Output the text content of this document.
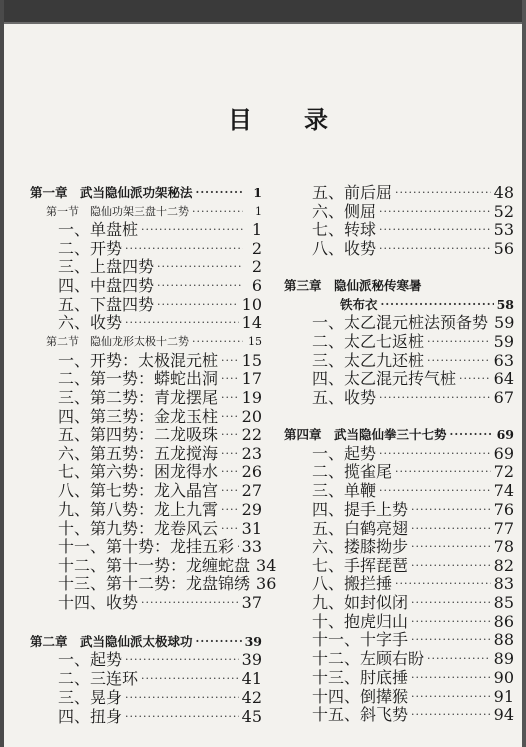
目 录
第一章　武当隐仙派功架秘法 ·····	1
第一节　隐仙功架三盘十二势 ·····	1
一、单盘桩 ·····	1
二、开势 ·····	2
三、上盘四势 ·····	2
四、中盘四势 ·····	6
五、下盘四势 ·····	10
六、收势 ·····	14
第二节　隐仙龙形太极十二势 ·····	15
一、开势：太极混元桩 ····· 15
二、第一势：蟒蛇出洞 ····· 17
三、第二势：青龙摆尾 ····· 19
四、第三势：金龙玉柱 ····· 20
五、第四势：二龙吸珠 ····· 22
六、第五势：五龙搅海 ····· 23
七、第六势：困龙得水 ····· 26
八、第七势：龙入晶宫 ····· 27
九、第八势：龙上九霄 ····· 29
十、第九势：龙卷风云 ····· 31
十一、第十势：龙挂五彩 ····· 33
十二、第十一势：龙缠蛇盘 34
十三、第十二势：龙盘锦绣 36
十四、收势 ·····	37
第二章　武当隐仙派太极球功 ·····	39
一、起势 ·····	39
二、三连环 ·····	41
三、晃身 ·····	42
四、扭身 ·····	45
五、前后屈 ·····	48
六、侧屈 ·····	52
七、转球 ·····	53
八、收势 ·····	56
第三章　隐仙派秘传寒暑
铁布衣 ·····	58
一、太乙混元桩法预备势 59
二、太乙七返桩 ·····	59
三、太乙九还桩 ·····	63
四、太乙混元抟气桩 ····· 64
五、收势 ·····	67
第四章　武当隐仙拳三十七势 ·····	69
一、起势 ·····	69
二、揽雀尾 ·····	72
三、单鞭 ·····	74
四、提手上势 ·····	76
五、白鹤亮翅 ·····	77
六、搂膝拗步 ·····	78
七、手挥琵琶 ·····	82
八、搬拦捶 ·····	83
九、如封似闭 ·····	85
十、抱虎归山 ·····	86
十一、十字手 ·····	88
十二、左顾右盼 ·····	89
十三、肘底捶 ·····	90
十四、倒撵猴 ·····	91
十五、斜飞势 ·····	94
